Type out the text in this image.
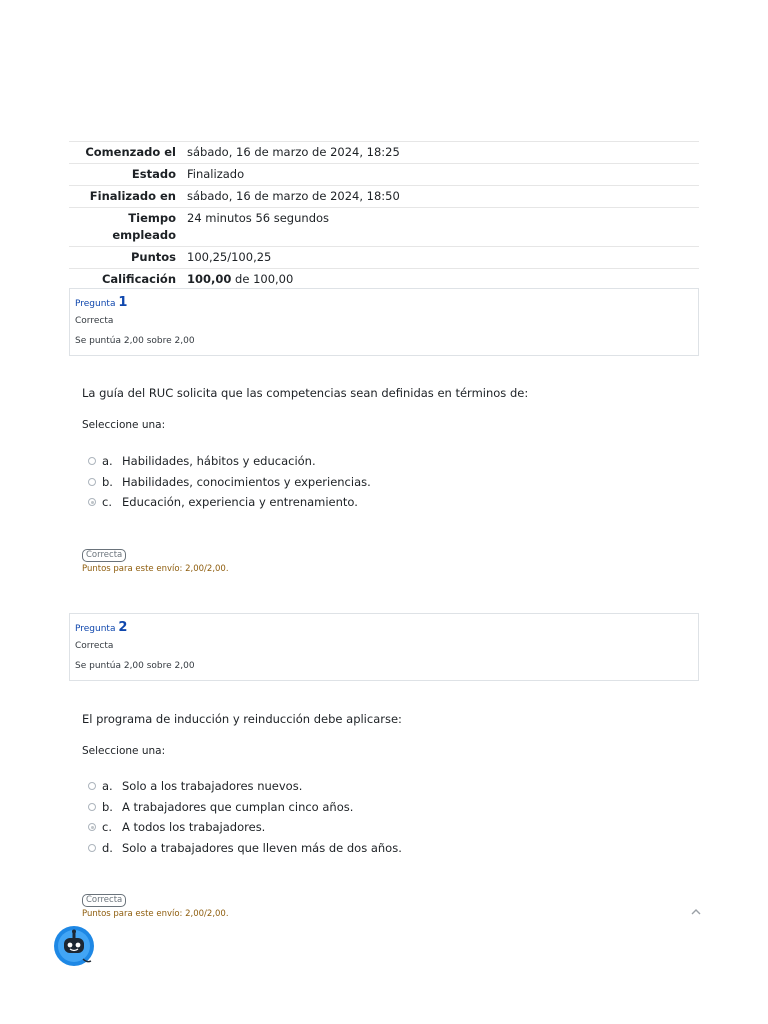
Comenzado el sábado, 16 de marzo de 2024, 18:25
Estado Finalizado
Finalizado en sábado, 16 de marzo de 2024, 18:50
Tiempo empleado
24 minutos 56 segundos
Puntos 100,25/100,25
Calificación 100,00 de 100,00
Pregunta 1
Correcta
Se puntúa 2,00 sobre 2,00
La guía del RUC solicita que las competencias sean definidas en términos de:
Seleccione una:
a. Habilidades, hábitos y educación.
b. Habilidades, conocimientos y experiencias.
c. Educación, experiencia y entrenamiento.
Correcta
Puntos para este envío: 2,00/2,00.
Pregunta 2
Correcta
Se puntúa 2,00 sobre 2,00
El programa de inducción y reinducción debe aplicarse:
Seleccione una:
a. Solo a los trabajadores nuevos.
b. A trabajadores que cumplan cinco años.
c. A todos los trabajadores.
d. Solo a trabajadores que lleven más de dos años.
Correcta
Puntos para este envío: 2,00/2,00.
